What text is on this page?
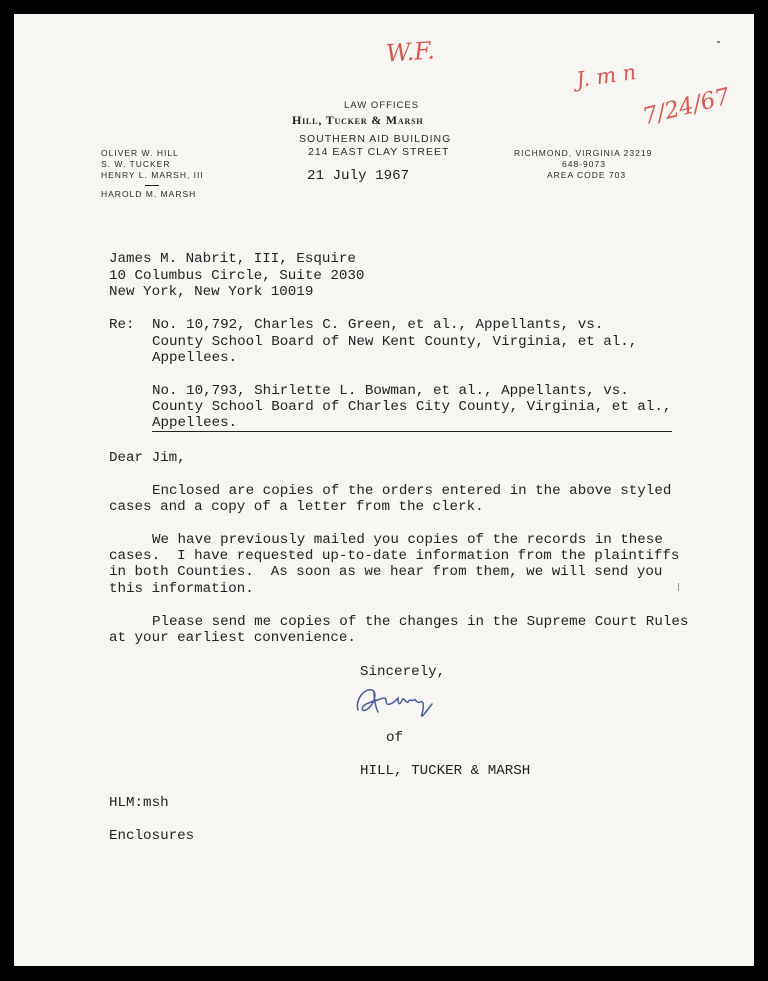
W.F.
J. m n
7/24/67
LAW OFFICES
Hill, Tucker & Marsh
SOUTHERN AID BUILDING
214 EAST CLAY STREET
OLIVER W. HILL
S. W. TUCKER
HENRY L. MARSH, III
HAROLD M. MARSH
RICHMOND, VIRGINIA 23219
648-9073
AREA CODE 703
21 July 1967
James M. Nabrit, III, Esquire
10 Columbus Circle, Suite 2030
New York, New York 10019
Re: No. 10,792, Charles C. Green, et al., Appellants, vs.
County School Board of New Kent County, Virginia, et al.,
Appellees.
No. 10,793, Shirlette L. Bowman, et al., Appellants, vs.
County School Board of Charles City County, Virginia, et al.,
Appellees.
Dear Jim,
Enclosed are copies of the orders entered in the above styled
cases and a copy of a letter from the clerk.
We have previously mailed you copies of the records in these
cases.  I have requested up-to-date information from the plaintiffs
in both Counties.  As soon as we hear from them, we will send you
this information.
Please send me copies of the changes in the Supreme Court Rules
at your earliest convenience.
Sincerely,
of
HILL, TUCKER & MARSH
HLM:msh
Enclosures
